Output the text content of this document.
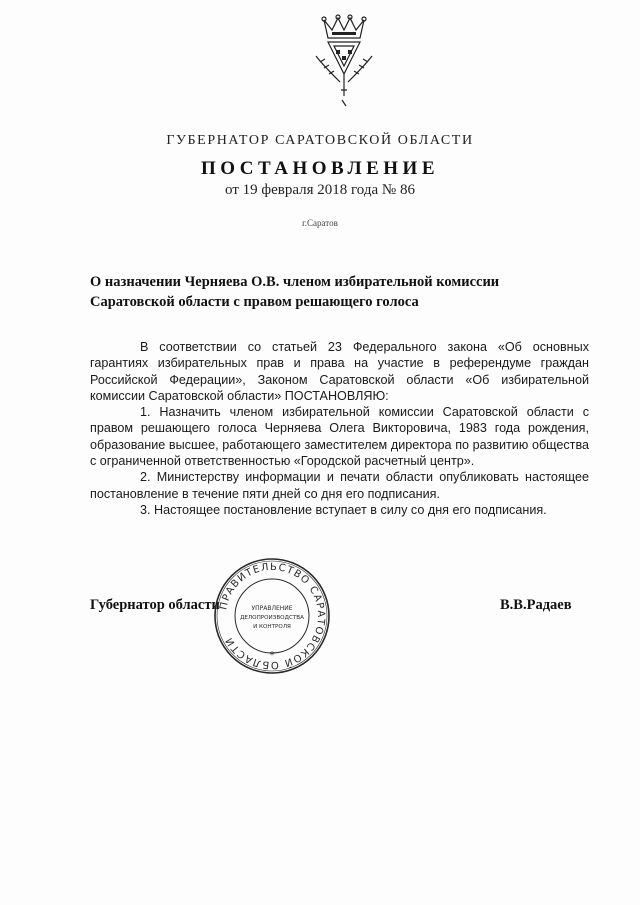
ГУБЕРНАТОР САРАТОВСКОЙ ОБЛАСТИ
ПОСТАНОВЛЕНИЕ
от 19 февраля 2018 года № 86
г.Саратов
О назначении Черняева О.В. членом избирательной комиссии
Саратовской области с правом решающего голоса

В соответствии со статьей 23 Федерального закона «Об основных гарантиях избирательных прав и права на участие в референдуме граждан Российской Федерации», Законом Саратовской области «Об избирательной комиссии Саратовской области» ПОСТАНОВЛЯЮ:

1. Назначить членом избирательной комиссии Саратовской области с правом решающего голоса Черняева Олега Викторовича, 1983 года рождения, образование высшее, работающего заместителем директора по развитию общества с ограниченной ответственностью «Городской расчетный центр».

2. Министерству информации и печати области опубликовать настоящее постановление в течение пяти дней со дня его подписания.

3. Настоящее постановление вступает в силу со дня его подписания.

Губернатор области	В.В.Радаев
ПРАВИТЕЛЬСТВО САРАТОВСКОЙ ОБЛАСТИ
УПРАВЛЕНИЕ
ДЕЛОПРОИЗВОДСТВА
И КОНТРОЛЯ
*
